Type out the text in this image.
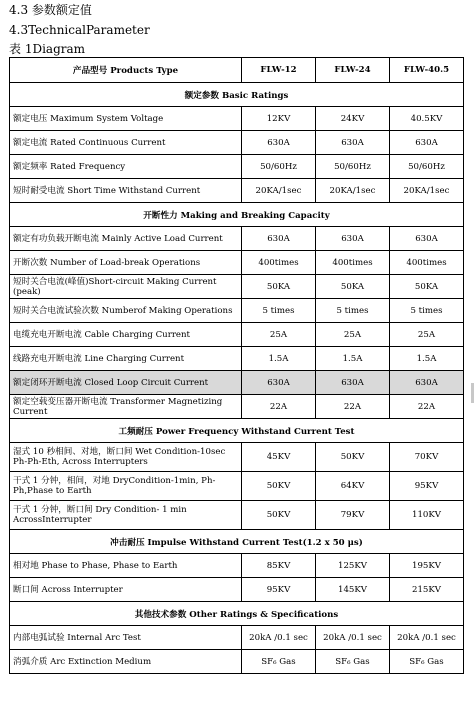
4.3 参数额定值
4.3TechnicalParameter
表 1Diagram
产品型号 Products Type	FLW-12	FLW-24	FLW-40.5
额定参数 Basic Ratings			
额定电压 Maximum System Voltage	12KV	24KV	40.5KV
额定电流 Rated Continuous Current	630A	630A	630A
额定频率 Rated Frequency	50/60Hz	50/60Hz	50/60Hz
短时耐受电流 Short Time Withstand Current	20KA/1sec	20KA/1sec	20KA/1sec
开断性力 Making and Breaking Capacity			
额定有功负载开断电流 Mainly Active Load Current	630A	630A	630A
开断次数 Number of Load-break Operations	400times	400times	400times
短时关合电流(峰值)Short-circuit Making Current (peak)	50KA	50KA	50KA
短时关合电流试验次数 Numberof Making Operations	5 times	5 times	5 times
电缆充电开断电流 Cable Charging Current	25A	25A	25A
线路充电开断电流 Line Charging Current	1.5A	1.5A	1.5A
额定闭环开断电流 Closed Loop Circuit Current	630A	630A	630A
额定空载变压器开断电流 Transformer Magnetizing Current	22A	22A	22A
工频耐压 Power Frequency Withstand Current Test			
湿式 10 秒相间、对地，断口间 Wet Condition-10sec Ph-Ph-Eth, Across Interrupters	45KV	50KV	70KV
干式 1 分钟，相间，对地 DryCondition-1min, Ph-Ph,Phase to Earth	50KV	64KV	95KV
干式 1 分钟，断口间 Dry Condition- 1 min AcrossInterrupter	50KV	79KV	110KV
冲击耐压 Impulse Withstand Current Test(1.2 x 50 μs)			
相对地 Phase to Phase, Phase to Earth	85KV	125KV	195KV
断口间 Across Interrupter	95KV	145KV	215KV
其他技术参数 Other Ratings & Specifications			
内部电弧试验 Internal Arc Test	20kA /0.1 sec	20kA /0.1 sec	20kA /0.1 sec
消弧介质 Arc Extinction Medium	SF₆ Gas	SF₆ Gas	SF₆ Gas
